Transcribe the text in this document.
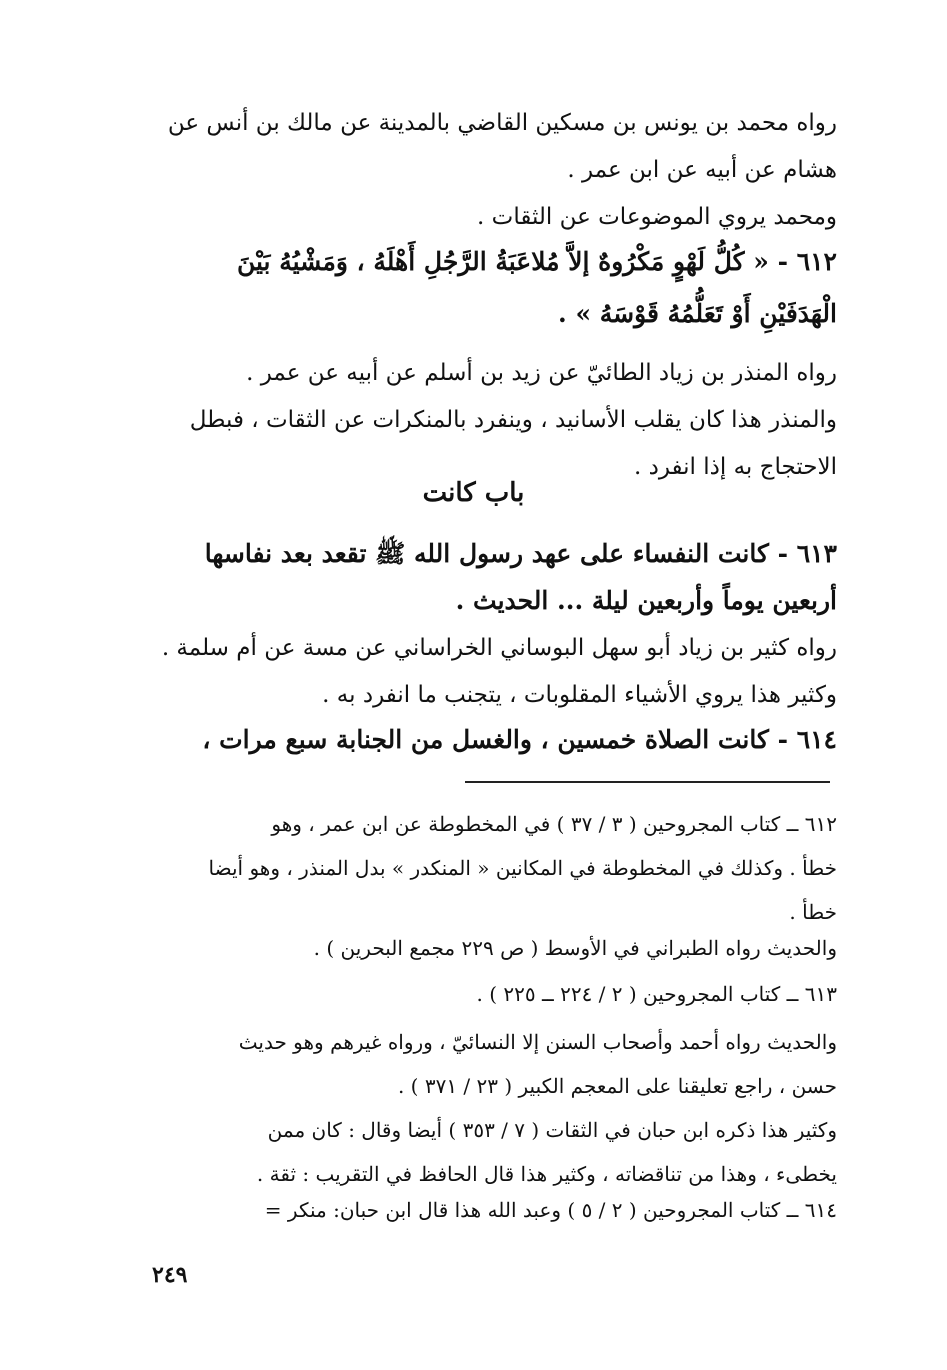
رواه محمد بن يونس بن مسكين القاضي بالمدينة عن مالك بن أنس عن
هشام عن أبيه عن ابن عمر .
ومحمد يروي الموضوعات عن الثقات .
٦١٢ - « كُلُّ لَهْوٍ مَكْرُوهٌ إلاَّ مُلاعَبَةُ الرَّجُلِ أَهْلَهُ ، وَمَشْيُهُ بَيْنَ
الْهَدَفَيْنِ أَوْ تَعَلُّمُهُ قَوْسَهُ » .
رواه المنذر بن زياد الطائيّ عن زيد بن أسلم عن أبيه عن عمر .
والمنذر هذا كان يقلب الأسانيد ، وينفرد بالمنكرات عن الثقات ، فبطل
الاحتجاج به إذا انفرد .
باب كانت
٦١٣ - كانت النفساء على عهد رسول الله ﷺ تقعد بعد نفاسها
أربعين يوماً وأربعين ليلة ... الحديث .
رواه كثير بن زياد أبو سهل البوساني الخراساني عن مسة عن أم سلمة .
وكثير هذا يروي الأشياء المقلوبات ، يتجنب ما انفرد به .
٦١٤ - كانت الصلاة خمسين ، والغسل من الجنابة سبع مرات ،
٦١٢ ــ كتاب المجروحين ( ٣ / ٣٧ ) في المخطوطة عن ابن عمر ، وهو
خطأ . وكذلك في المخطوطة في المكانين « المنكدر » بدل المنذر ، وهو أيضا
خطأ .
والحديث رواه الطبراني في الأوسط ( ص ٢٢٩ مجمع البحرين ) .
٦١٣ ــ كتاب المجروحين ( ٢ / ٢٢٤ ــ ٢٢٥ ) .
والحديث رواه أحمد وأصحاب السنن إلا النسائيّ ، ورواه غيرهم وهو حديث
حسن ، راجع تعليقنا على المعجم الكبير ( ٢٣ / ٣٧١ ) .
وكثير هذا ذكره ابن حبان في الثقات ( ٧ / ٣٥٣ ) أيضا وقال : كان ممن
يخطىء ، وهذا من تناقضاته ، وكثير هذا قال الحافظ في التقريب : ثقة .
٦١٤ ــ كتاب المجروحين ( ٢ / ٥ ) وعبد الله هذا قال ابن حبان: منكر =
٢٤٩
